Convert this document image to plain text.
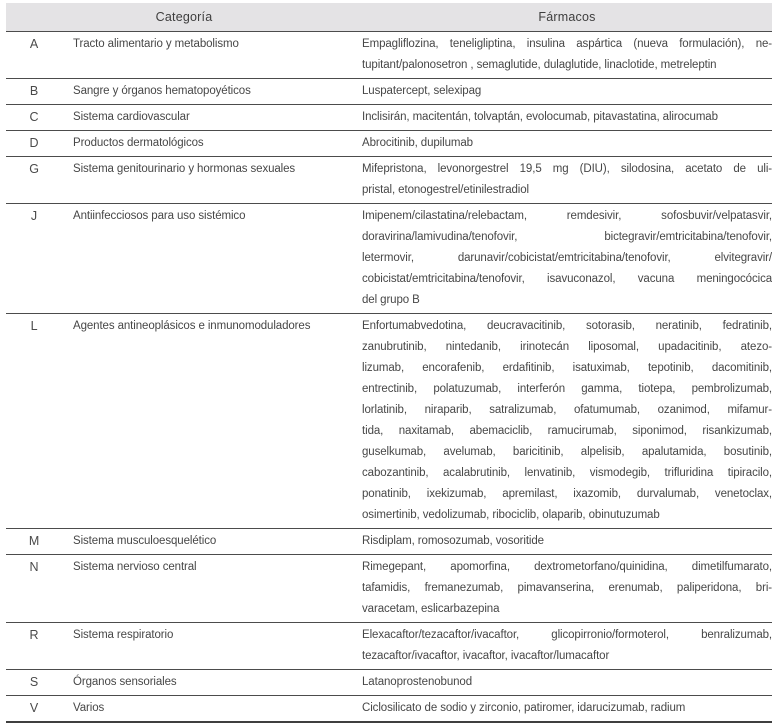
Categoría		Fármacos
A	Tracto alimentario y metabolismo	Empagliflozina, teneligliptina, insulina aspártica (nueva formulación), ne-
tupitant/palonosetron , semaglutide, dulaglutide, linaclotide, metreleptin

B	Sangre y órganos hematopoyéticos	Luspatercept, selexipag

C	Sistema cardiovascular	Inclisirán, macitentán, tolvaptán, evolocumab, pitavastatina, alirocumab

D	Productos dermatológicos	Abrocitinib, dupilumab

G	Sistema genitourinario y hormonas sexuales	Mifepristona, levonorgestrel 19,5 mg (DIU), silodosina, acetato de uli-
pristal, etonogestrel/etinilestradiol

J	Antiinfecciosos para uso sistémico	Imipenem/cilastatina/relebactam, remdesivir, sofosbuvir/velpatasvir,
doravirina/lamivudina/tenofovir, bictegravir/emtricitabina/tenofovir,
letermovir, darunavir/cobicistat/emtricitabina/tenofovir, elvitegravir/
cobicistat/emtricitabina/tenofovir, isavuconazol, vacuna meningocócica
del grupo B

L	Agentes antineoplásicos e inmunomoduladores	Enfortumabvedotina, deucravacitinib, sotorasib, neratinib, fedratinib,
zanubrutinib, nintedanib, irinotecán liposomal, upadacitinib, atezo-
lizumab, encorafenib, erdafitinib, isatuximab, tepotinib, dacomitinib,
entrectinib, polatuzumab, interferón gamma, tiotepa, pembrolizumab,
lorlatinib, niraparib, satralizumab, ofatumumab, ozanimod, mifamur-
tida, naxitamab, abemaciclib, ramucirumab, siponimod, risankizumab,
guselkumab, avelumab, baricitinib, alpelisib, apalutamida, bosutinib,
cabozantinib, acalabrutinib, lenvatinib, vismodegib, trifluridina tipiracilo,
ponatinib, ixekizumab, apremilast, ixazomib, durvalumab, venetoclax,
osimertinib, vedolizumab, ribociclib, olaparib, obinutuzumab

M	Sistema musculoesquelético	Risdiplam, romosozumab, vosoritide

N	Sistema nervioso central	Rimegepant, apomorfina, dextrometorfano/quinidina, dimetilfumarato,
tafamidis, fremanezumab, pimavanserina, erenumab, paliperidona, bri-
varacetam, eslicarbazepina

R	Sistema respiratorio	Elexacaftor/tezacaftor/ivacaftor, glicopirronio/formoterol, benralizumab,
tezacaftor/ivacaftor, ivacaftor, ivacaftor/lumacaftor

S	Órganos sensoriales	Latanoprostenobunod

V	Varios	Ciclosilicato de sodio y zirconio, patiromer, idarucizumab, radium
